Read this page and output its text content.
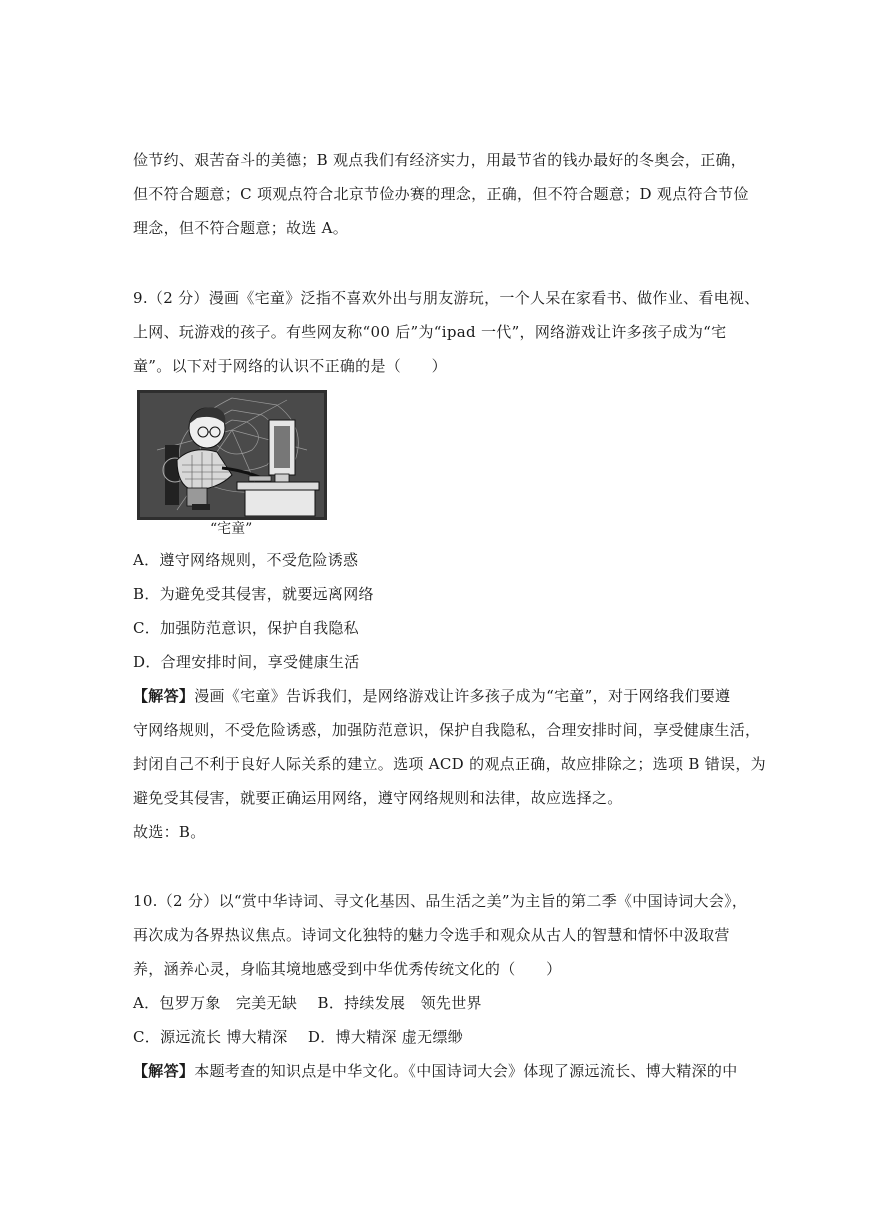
俭节约、艰苦奋斗的美德；B 观点我们有经济实力，用最节省的钱办最好的冬奥会，正确，
但不符合题意；C 项观点符合北京节俭办赛的理念，正确，但不符合题意；D 观点符合节俭
理念，但不符合题意；故选 A。
9.（2 分）漫画《宅童》泛指不喜欢外出与朋友游玩，一个人呆在家看书、做作业、看电视、
上网、玩游戏的孩子。有些网友称“00 后”为“ipad 一代”，网络游戏让许多孩子成为“宅
童”。以下对于网络的认识不正确的是（　　）
“宅童”
A．遵守网络规则，不受危险诱惑
B．为避免受其侵害，就要远离网络
C．加强防范意识，保护自我隐私
D．合理安排时间，享受健康生活
【解答】漫画《宅童》告诉我们，是网络游戏让许多孩子成为“宅童”，对于网络我们要遵
守网络规则，不受危险诱惑，加强防范意识，保护自我隐私，合理安排时间，享受健康生活，
封闭自己不利于良好人际关系的建立。选项 ACD 的观点正确，故应排除之；选项 B 错误，为
避免受其侵害，就要正确运用网络，遵守网络规则和法律，故应选择之。
故选：B。
10.（2 分）以“赏中华诗词、寻文化基因、品生活之美”为主旨的第二季《中国诗词大会》，
再次成为各界热议焦点。诗词文化独特的魅力令选手和观众从古人的智慧和情怀中汲取营
养，涵养心灵，身临其境地感受到中华优秀传统文化的（　　）
A．包罗万象　完美无缺　 B．持续发展　领先世界
C．源远流长 博大精深　 D．博大精深 虚无缥缈
【解答】本题考查的知识点是中华文化。《中国诗词大会》体现了源远流长、博大精深的中
